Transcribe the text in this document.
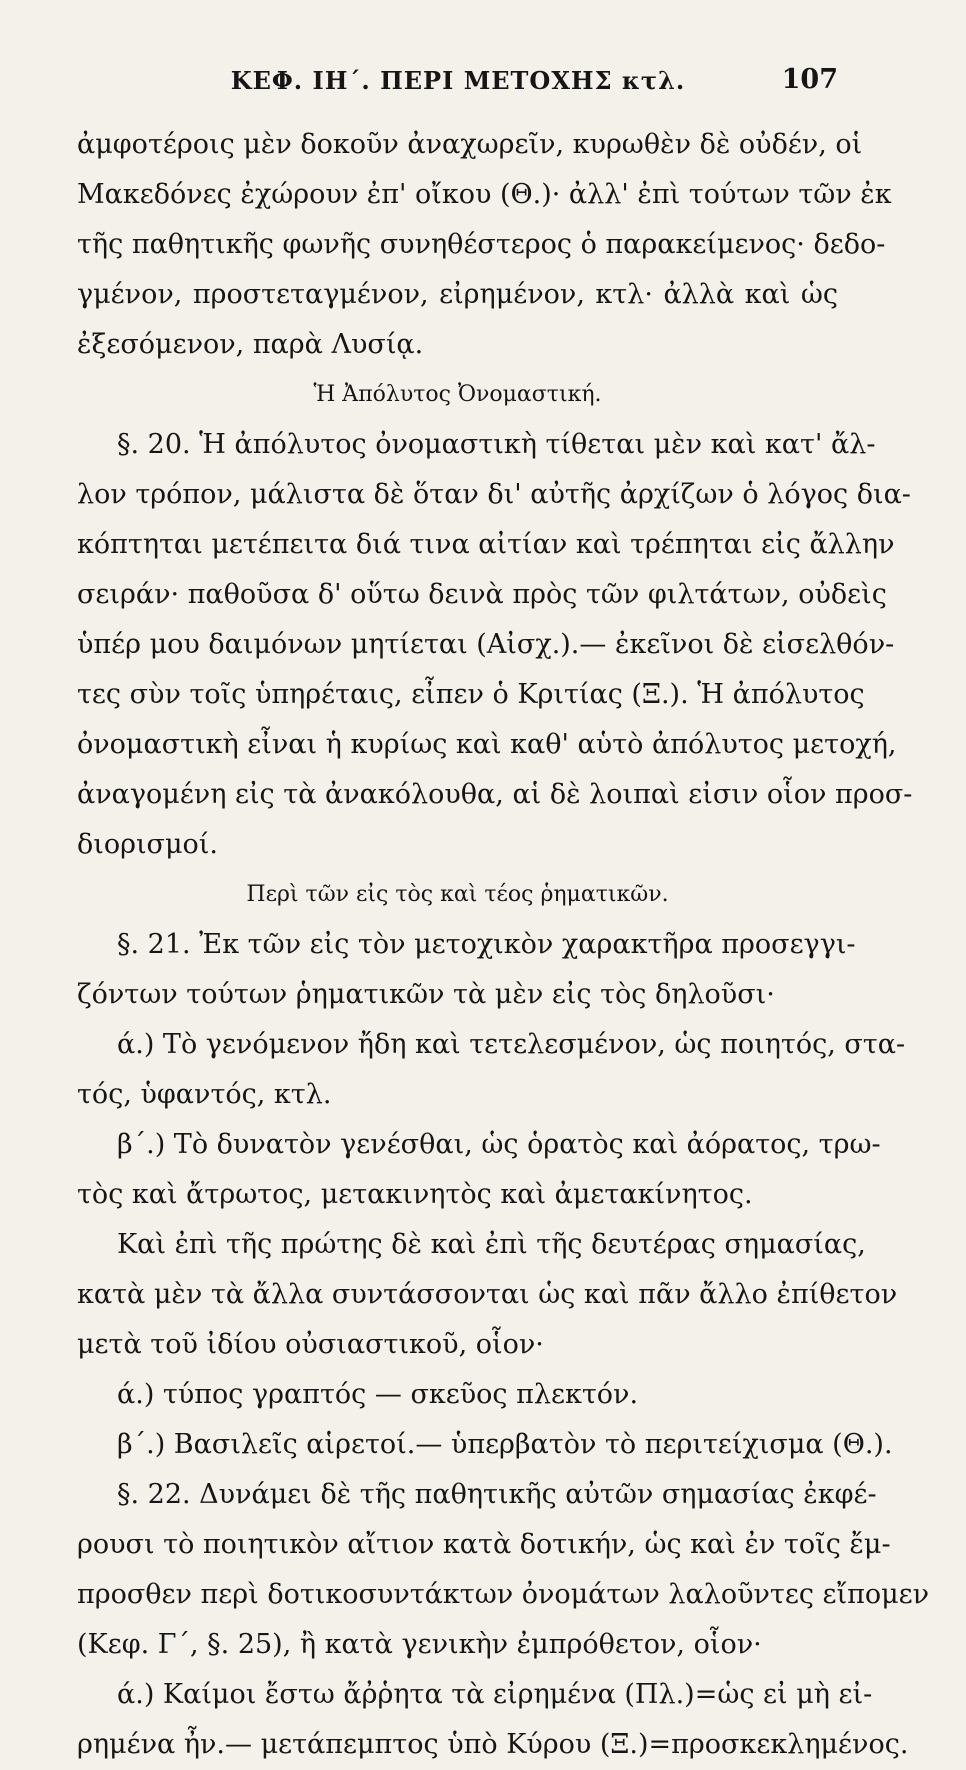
ΚΕΦ. ΙΗ΄. ΠΕΡΙ ΜΕΤΟΧΗΣ κτλ.	107
ἀμφοτέροις μὲν δοκοῦν ἀναχωρεῖν, κυρωθὲν δὲ οὐδέν, οἱ
Μακεδόνες ἐχώρουν ἐπ' οἴκου (Θ.)· ἀλλ' ἐπὶ τούτων τῶν ἐκ
τῆς παθητικῆς φωνῆς συνηθέστερος ὁ παρακείμενος· δεδο-
γμένον, προστεταγμένον, εἰρημένον, κτλ· ἀλλὰ καὶ ὡς
ἐξεσόμενον, παρὰ Λυσίᾳ.
Ἡ Ἀπόλυτος Ὀνομαστική.
§. 20. Ἡ ἀπόλυτος ὀνομαστικὴ τίθεται μὲν καὶ κατ' ἄλ-
λον τρόπον, μάλιστα δὲ ὅταν δι' αὐτῆς ἀρχίζων ὁ λόγος δια-
κόπτηται μετέπειτα διά τινα αἰτίαν καὶ τρέπηται εἰς ἄλλην
σειράν· παθοῦσα δ' οὕτω δεινὰ πρὸς τῶν φιλτάτων, οὐδεὶς
ὑπέρ μου δαιμόνων μητίεται (Αἰσχ.).— ἐκεῖνοι δὲ εἰσελθόν-
τες σὺν τοῖς ὑπηρέταις, εἶπεν ὁ Κριτίας (Ξ.). Ἡ ἀπόλυτος
ὀνομαστικὴ εἶναι ἡ κυρίως καὶ καθ' αὑτὸ ἀπόλυτος μετοχή,
ἀναγομένη εἰς τὰ ἀνακόλουθα, αἱ δὲ λοιπαὶ εἰσιν οἷον προσ-
διορισμοί.
Περὶ τῶν εἰς τὸς καὶ τέος ῥηματικῶν.
§. 21. Ἐκ τῶν εἰς τὸν μετοχικὸν χαρακτῆρα προσεγγι-
ζόντων τούτων ῥηματικῶν τὰ μὲν εἰς τὸς δηλοῦσι·
ά.) Τὸ γενόμενον ἤδη καὶ τετελεσμένον, ὡς ποιητός, στα-
τός, ὑφαντός, κτλ.
β΄.) Τὸ δυνατὸν γενέσθαι, ὡς ὁρατὸς καὶ ἀόρατος, τρω-
τὸς καὶ ἄτρωτος, μετακινητὸς καὶ ἀμετακίνητος.
Καὶ ἐπὶ τῆς πρώτης δὲ καὶ ἐπὶ τῆς δευτέρας σημασίας,
κατὰ μὲν τὰ ἄλλα συντάσσονται ὡς καὶ πᾶν ἄλλο ἐπίθετον
μετὰ τοῦ ἰδίου οὐσιαστικοῦ, οἷον·
ά.) τύπος γραπτός — σκεῦος πλεκτόν.
β΄.) Βασιλεῖς αἱρετοί.— ὑπερβατὸν τὸ περιτείχισμα (Θ.).
§. 22. Δυνάμει δὲ τῆς παθητικῆς αὐτῶν σημασίας ἐκφέ-
ρουσι τὸ ποιητικὸν αἴτιον κατὰ δοτικήν, ὡς καὶ ἐν τοῖς ἔμ-
προσθεν περὶ δοτικοσυντάκτων ὀνομάτων λαλοῦντες εἴπομεν
(Κεφ. Γ΄, §. 25), ἢ κατὰ γενικὴν ἐμπρόθετον, οἷον·
ά.) Καίμοι ἔστω ἄῤῥητα τὰ εἰρημένα (Πλ.)=ὡς εἰ μὴ εἰ-
ρημένα ἦν.— μετάπεμπτος ὑπὸ Κύρου (Ξ.)=προσκεκλημένος.
